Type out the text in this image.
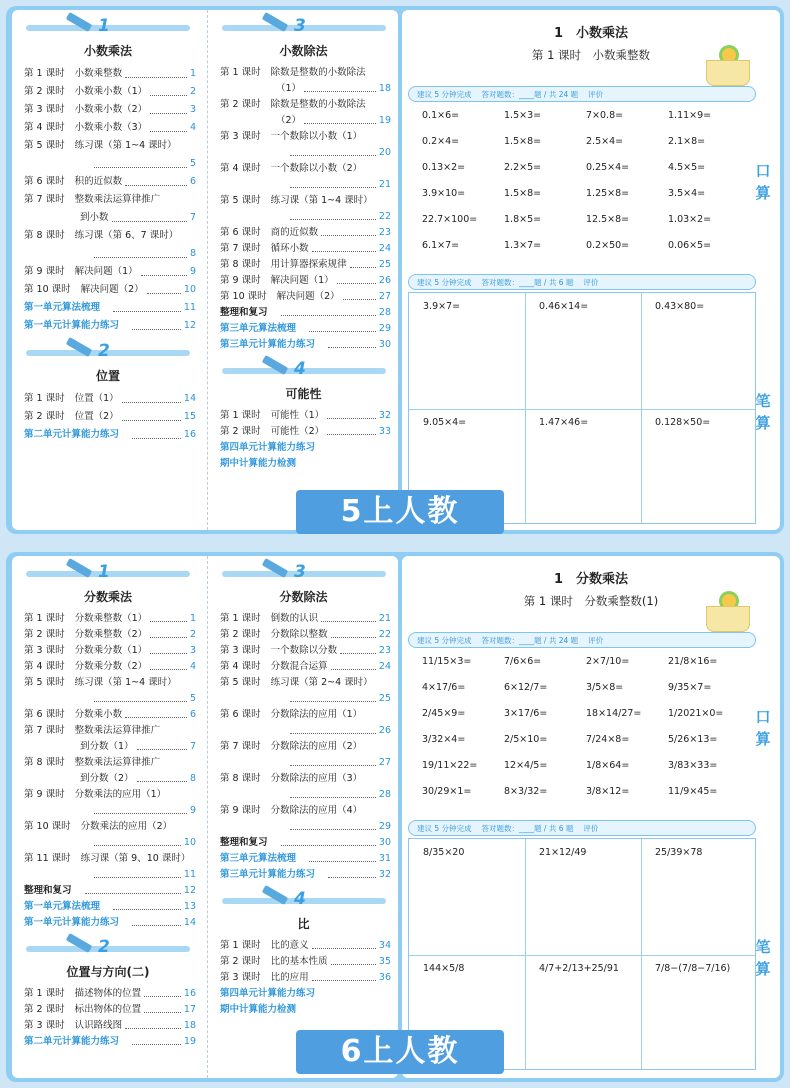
1
小数乘法
第 1 课时 小数乘整数	1
第 2 课时 小数乘小数（1）	2
第 3 课时 小数乘小数（2）	3
第 4 课时 小数乘小数（3）	4
第 5 课时 练习课（第 1~4 课时）
5
第 6 课时 积的近似数	6
第 7 课时 整数乘法运算律推广
到小数	7
第 8 课时 练习课（第 6、7 课时）
8
第 9 课时 解决问题（1）	9
第 10 课时 解决问题（2）	10
第一单元算法梳理	11
第一单元计算能力练习	12
2
位置
第 1 课时 位置（1）	14
第 2 课时 位置（2）	15
第二单元计算能力练习	16
3
小数除法
第 1 课时 除数是整数的小数除法
（1）	18
第 2 课时 除数是整数的小数除法
（2）	19
第 3 课时 一个数除以小数（1）
20
第 4 课时 一个数除以小数（2）
21
第 5 课时 练习课（第 1~4 课时）
22
第 6 课时 商的近似数	23
第 7 课时 循环小数	24
第 8 课时 用计算器探索规律	25
第 9 课时 解决问题（1）	26
第 10 课时 解决问题（2）	27
整理和复习	28
第三单元算法梳理	29
第三单元计算能力练习	30
4
可能性
第 1 课时 可能性（1）	32
第 2 课时 可能性（2）	33
第四单元计算能力练习
期中计算能力检测
1　小数乘法
第 1 课时　小数乘整数
建议 5 分钟完成 答对题数：____题 / 共 24 题 评价
0.1×6=	1.5×3=	7×0.8=	1.11×9=
0.2×4=	1.5×8=	2.5×4=	2.1×8=
0.13×2=	2.2×5=	0.25×4=	4.5×5=
3.9×10=	1.5×8=	1.25×8=	3.5×4=
22.7×100=	1.8×5=	12.5×8=	1.03×2=
6.1×7=	1.3×7=	0.2×50=	0.06×5=
建议 5 分钟完成 答对题数：____题 / 共 6 题 评价
3.9×7=	0.46×14=	0.43×80=
9.05×4=	1.47×46=	0.128×50=
口算
笔算
5上人教
1
分数乘法
第 1 课时 分数乘整数（1）	1
第 2 课时 分数乘整数（2）	2
第 3 课时 分数乘分数（1）	3
第 4 课时 分数乘分数（2）	4
第 5 课时 练习课（第 1~4 课时）
5
第 6 课时 分数乘小数	6
第 7 课时 整数乘法运算律推广
到分数（1）	7
第 8 课时 整数乘法运算律推广
到分数（2）	8
第 9 课时 分数乘法的应用（1）
9
第 10 课时 分数乘法的应用（2）
10
第 11 课时 练习课（第 9、10 课时）
11
整理和复习	12
第一单元算法梳理	13
第一单元计算能力练习	14
2
位置与方向(二)
第 1 课时 描述物体的位置	16
第 2 课时 标出物体的位置	17
第 3 课时 认识路线图	18
第二单元计算能力练习	19
3
分数除法
第 1 课时 倒数的认识	21
第 2 课时 分数除以整数	22
第 3 课时 一个数除以分数	23
第 4 课时 分数混合运算	24
第 5 课时 练习课（第 2~4 课时）
25
第 6 课时 分数除法的应用（1）
26
第 7 课时 分数除法的应用（2）
27
第 8 课时 分数除法的应用（3）
28
第 9 课时 分数除法的应用（4）
29
整理和复习	30
第三单元算法梳理	31
第三单元计算能力练习	32
4
比
第 1 课时 比的意义	34
第 2 课时 比的基本性质	35
第 3 课时 比的应用	36
第四单元计算能力练习
期中计算能力检测
1　分数乘法
第 1 课时　分数乘整数(1)
建议 5 分钟完成 答对题数：____题 / 共 24 题 评价
11/15×3=	7/6×6=	2×7/10=	21/8×16=
4×17/6=	6×12/7=	3/5×8=	9/35×7=
2/45×9=	3×17/6=	18×14/27=	1/2021×0=
3/32×4=	2/5×10=	7/24×8=	5/26×13=
19/11×22=	12×4/5=	1/8×64=	3/83×33=
30/29×1=	8×3/32=	3/8×12=	11/9×45=
建议 5 分钟完成 答对题数：____题 / 共 6 题 评价
8/35×20	21×12/49	25/39×78
144×5/8	4/7+2/13+25/91	7/8−(7/8−7/16)
口算
笔算
6上人教
